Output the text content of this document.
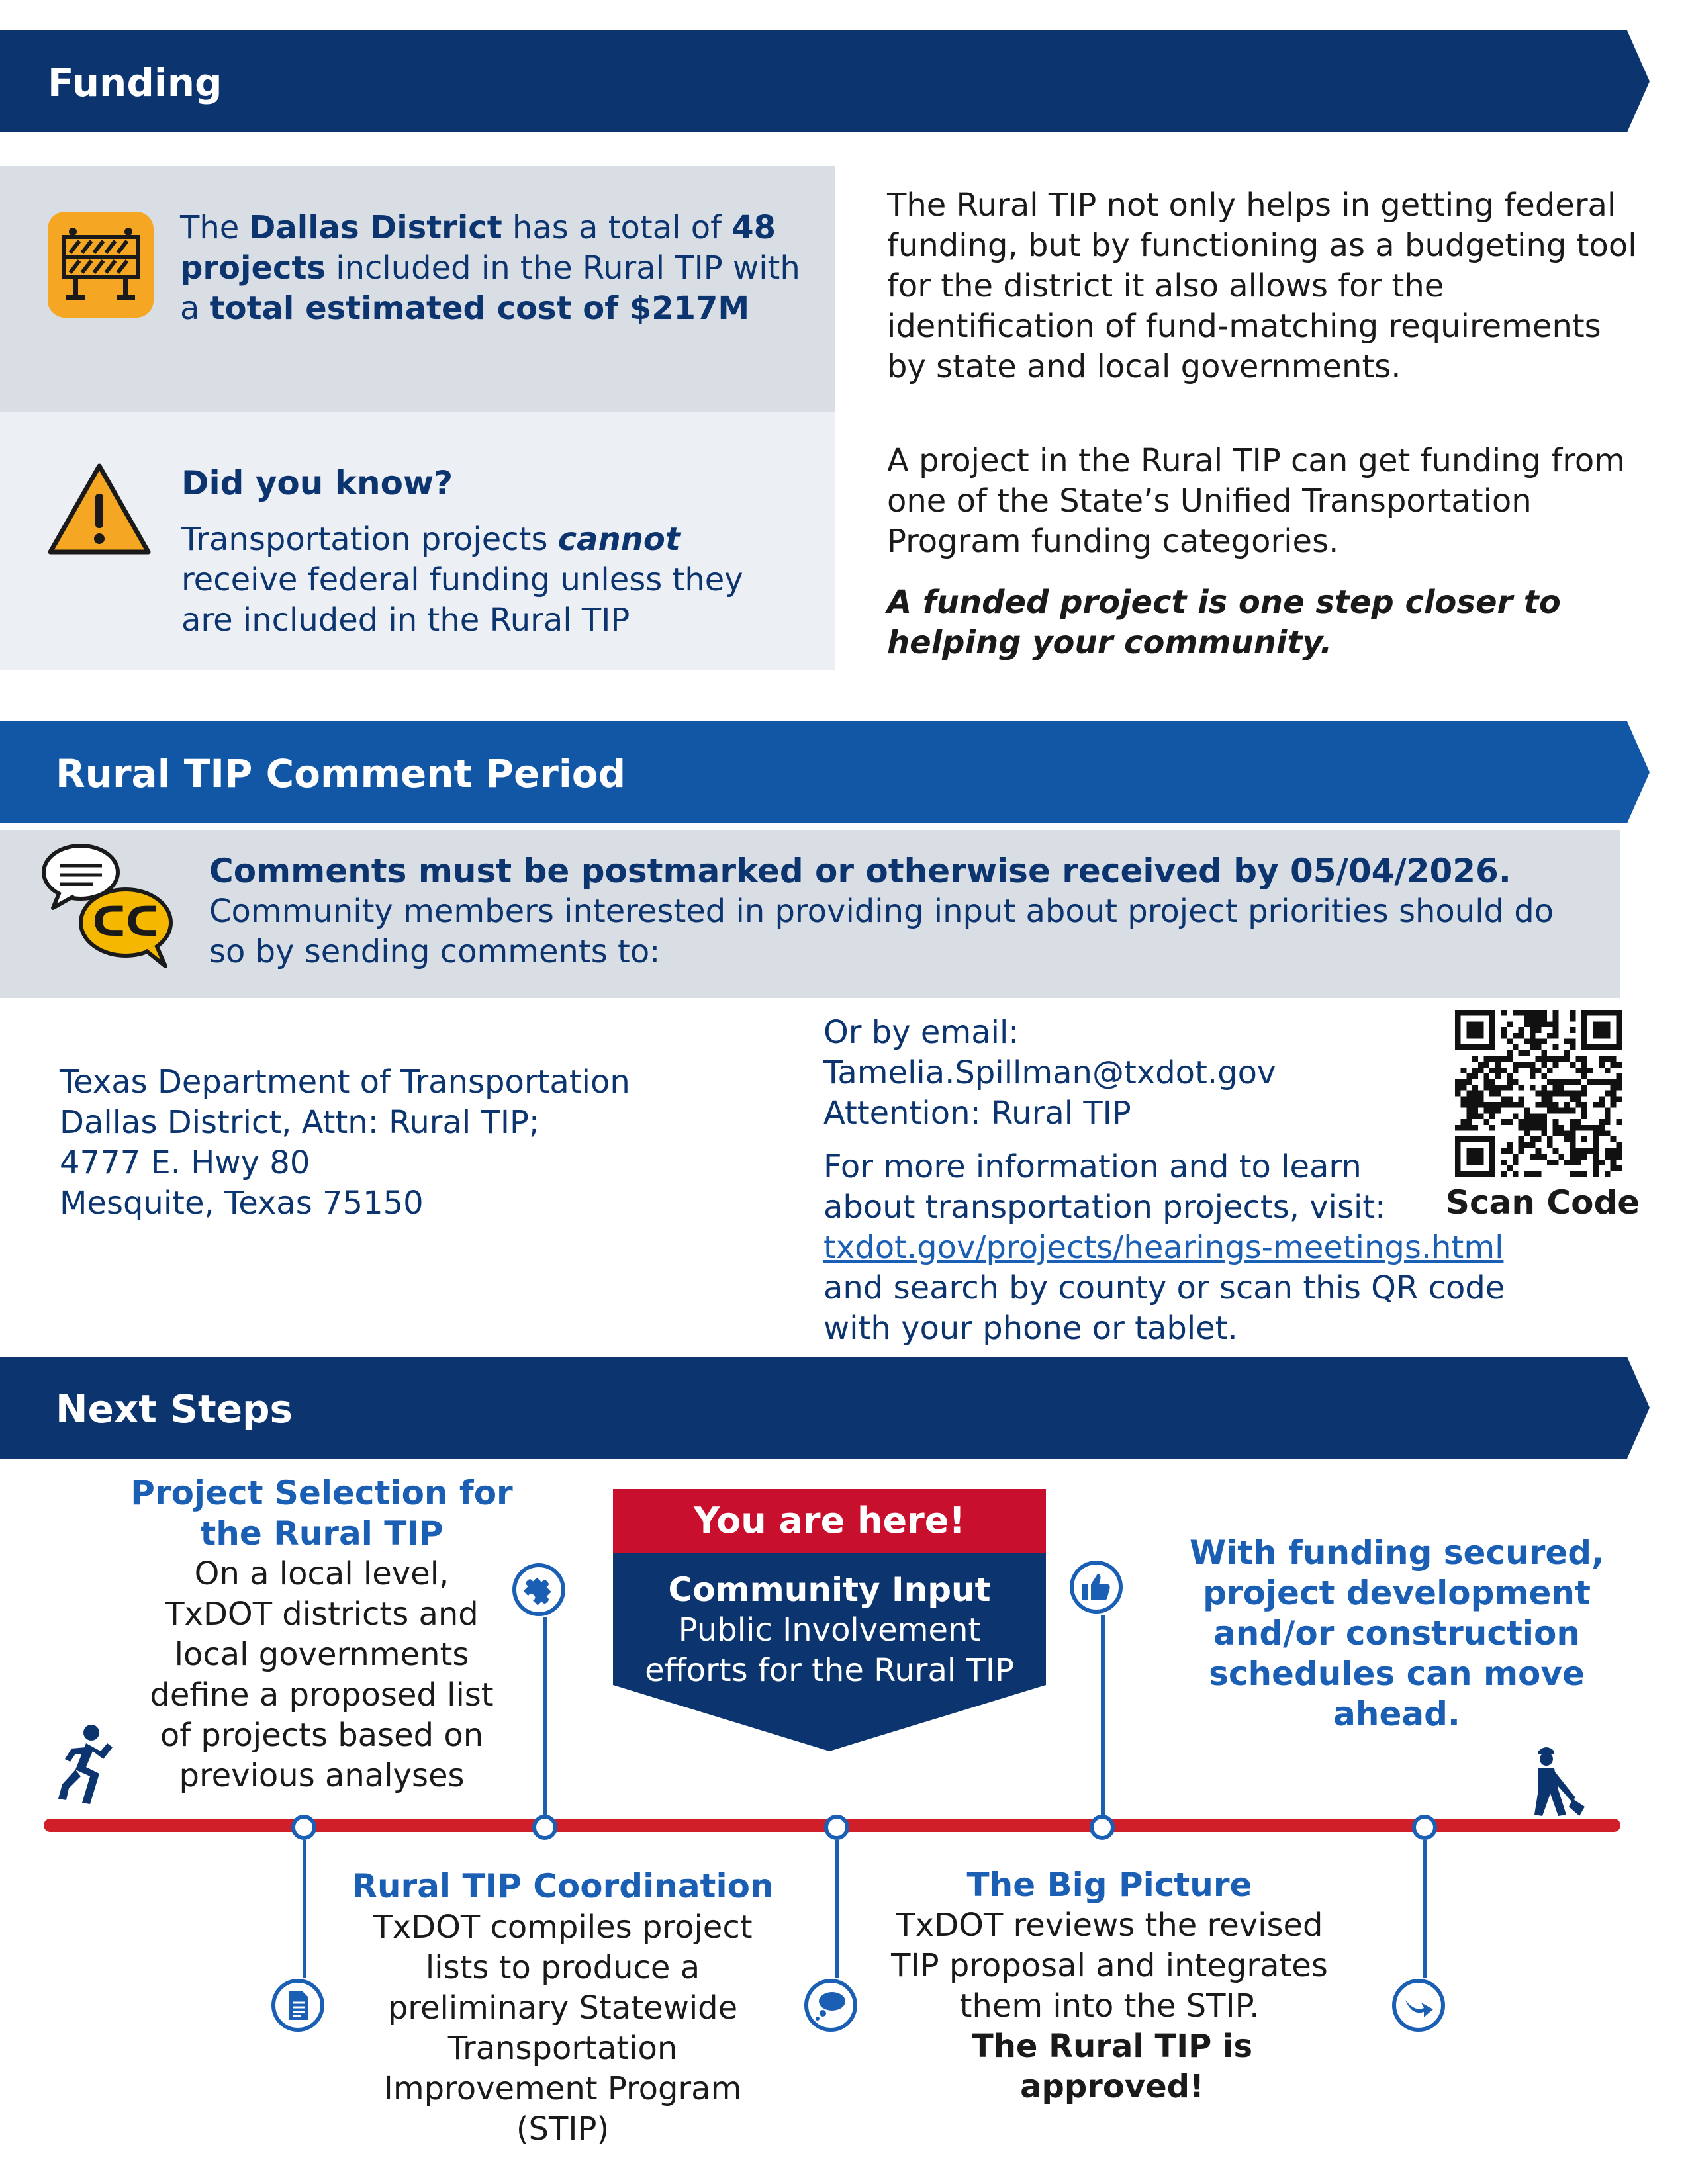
Funding
The Dallas District has a total of 48 projects included in the Rural TIP with a total estimated cost of $217M
Did you know?
Transportation projects cannot receive federal funding unless they are included in the Rural TIP
The Rural TIP not only helps in getting federal funding, but by functioning as a budgeting tool for the district it also allows for the identification of fund-matching requirements by state and local governments.
A project in the Rural TIP can get funding from one of the State’s Unified Transportation Program funding categories.
A funded project is one step closer to helping your community.
Rural TIP Comment Period
ᑕᑕ
Comments must be postmarked or otherwise received by 05/04/2026.
Community members interested in providing input about project priorities should do so by sending comments to:
Texas Department of Transportation
Dallas District, Attn: Rural TIP;
4777 E. Hwy 80
Mesquite, Texas 75150
Or by email:
Tamelia.Spillman@txdot.gov
Attention: Rural TIP
For more information and to learn about transportation projects, visit:
txdot.gov/projects/hearings-meetings.html
and search by county or scan this QR code with your phone or tablet.
Scan Code
Next Steps
Project Selection for the Rural TIP
On a local level, TxDOT districts and local governments define a proposed list of projects based on previous analyses
Rural TIP Coordination
TxDOT compiles project lists to produce a preliminary Statewide Transportation Improvement Program (STIP)
You are here!
Community Input
Public Involvement efforts for the Rural TIP
The Big Picture
TxDOT reviews the revised TIP proposal and integrates them into the STIP.
The Rural TIP is approved!
With funding secured, project development and/or construction schedules can move ahead.
